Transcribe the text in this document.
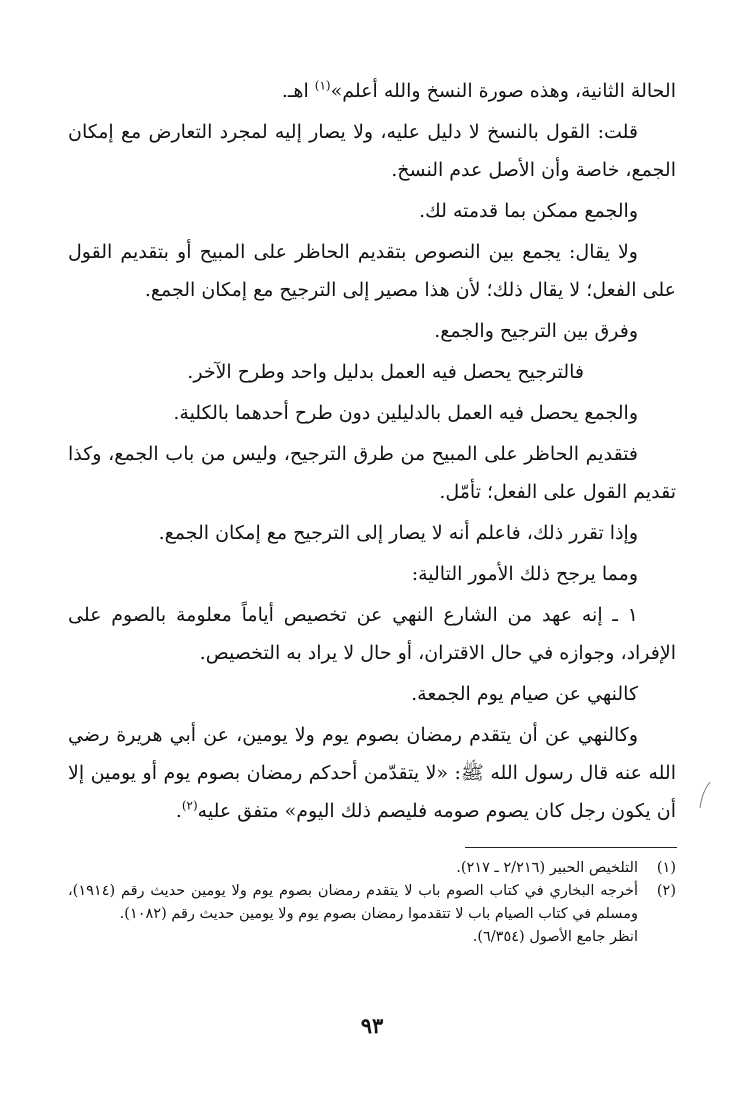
الحالة الثانية، وهذه صورة النسخ والله أعلم»$^{(١)}$ اهـ.

قلت: القول بالنسخ لا دليل عليه، ولا يصار إليه لمجرد التعارض مع إمكان الجمع، خاصة وأن الأصل عدم النسخ.

والجمع ممكن بما قدمته لك.

ولا يقال: يجمع بين النصوص بتقديم الحاظر على المبيح أو بتقديم القول على الفعل؛ لا يقال ذلك؛ لأن هذا مصير إلى الترجيح مع إمكان الجمع.

وفرق بين الترجيح والجمع.

فالترجيح يحصل فيه العمل بدليل واحد وطرح الآخر.

والجمع يحصل فيه العمل بالدليلين دون طرح أحدهما بالكلية.

فتقديم الحاظر على المبيح من طرق الترجيح، وليس من باب الجمع، وكذا تقديم القول على الفعل؛ تأمّل.

وإذا تقرر ذلك، فاعلم أنه لا يصار إلى الترجيح مع إمكان الجمع.

ومما يرجح ذلك الأمور التالية:

١ ـ إنه عهد من الشارع النهي عن تخصيص أياماً معلومة بالصوم على الإفراد، وجوازه في حال الاقتران، أو حال لا يراد به التخصيص.

كالنهي عن صيام يوم الجمعة.

وكالنهي عن أن يتقدم رمضان بصوم يوم ولا يومين، عن أبي هريرة رضي الله عنه قال رسول الله ﷺ: «لا يتقدّمن أحدكم رمضان بصوم يوم أو يومين إلا أن يكون رجل كان يصوم صومه فليصم ذلك اليوم» متفق عليه$^{(٢)}$.

(١)
التلخيص الحبير (٢/٢١٦ ـ ٢١٧).
(٢)
أخرجه البخاري في كتاب الصوم باب لا يتقدم رمضان بصوم يوم ولا يومين حديث رقم (١٩١٤)، ومسلم في كتاب الصيام باب لا تتقدموا رمضان بصوم يوم ولا يومين حديث رقم (١٠٨٢).
انظر جامع الأصول (٦/٣٥٤).
٩٣
